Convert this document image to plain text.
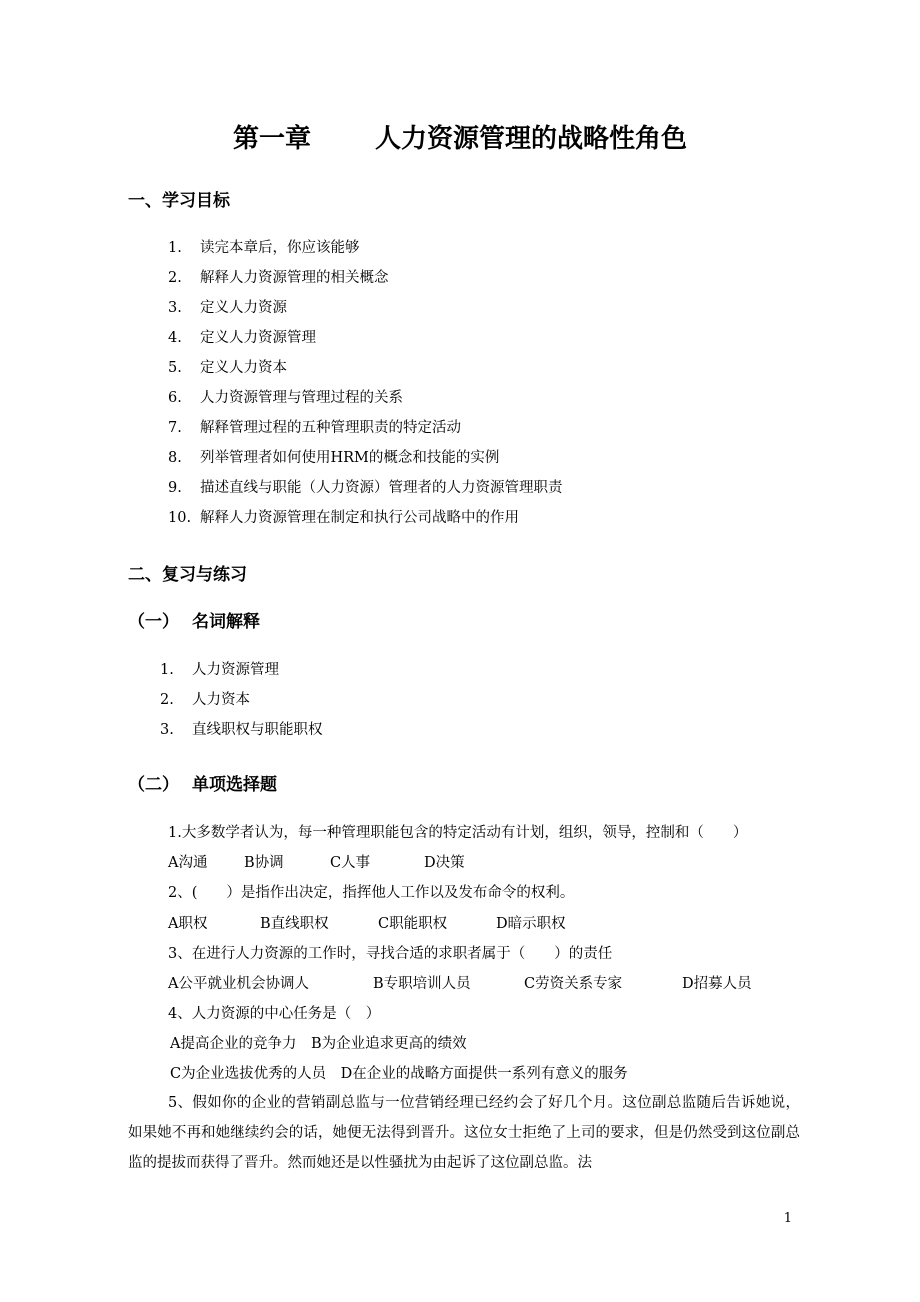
第一章 人力资源管理的战略性角色
一、学习目标
1. 读完本章后，你应该能够
2. 解释人力资源管理的相关概念
3. 定义人力资源
4. 定义人力资源管理
5. 定义人力资本
6. 人力资源管理与管理过程的关系
7. 解释管理过程的五种管理职责的特定活动
8. 列举管理者如何使用HRM的概念和技能的实例
9. 描述直线与职能（人力资源）管理者的人力资源管理职责
10. 解释人力资源管理在制定和执行公司战略中的作用
二、复习与练习
（一） 名词解释
1. 人力资源管理
2. 人力资本
3. 直线职权与职能职权
（二） 单项选择题
1.大多数学者认为，每一种管理职能包含的特定活动有计划，组织，领导，控制和（　　）
A沟通	B协调	C人事	D决策
2、(　　）是指作出决定，指挥他人工作以及发布命令的权利。
A职权	B直线职权	C职能职权	D暗示职权
3、在进行人力资源的工作时，寻找合适的求职者属于（　　）的责任
A公平就业机会协调人	B专职培训人员	C劳资关系专家	D招募人员
4、人力资源的中心任务是（　）
A提高企业的竞争力　B为企业追求更高的绩效
C为企业选拔优秀的人员　D在企业的战略方面提供一系列有意义的服务
5、假如你的企业的营销副总监与一位营销经理已经约会了好几个月。这位副总监随后告诉她说，如果她不再和她继续约会的话，她便无法得到晋升。这位女士拒绝了上司的要求，但是仍然受到这位副总监的提拔而获得了晋升。然而她还是以性骚扰为由起诉了这位副总监。法
1
